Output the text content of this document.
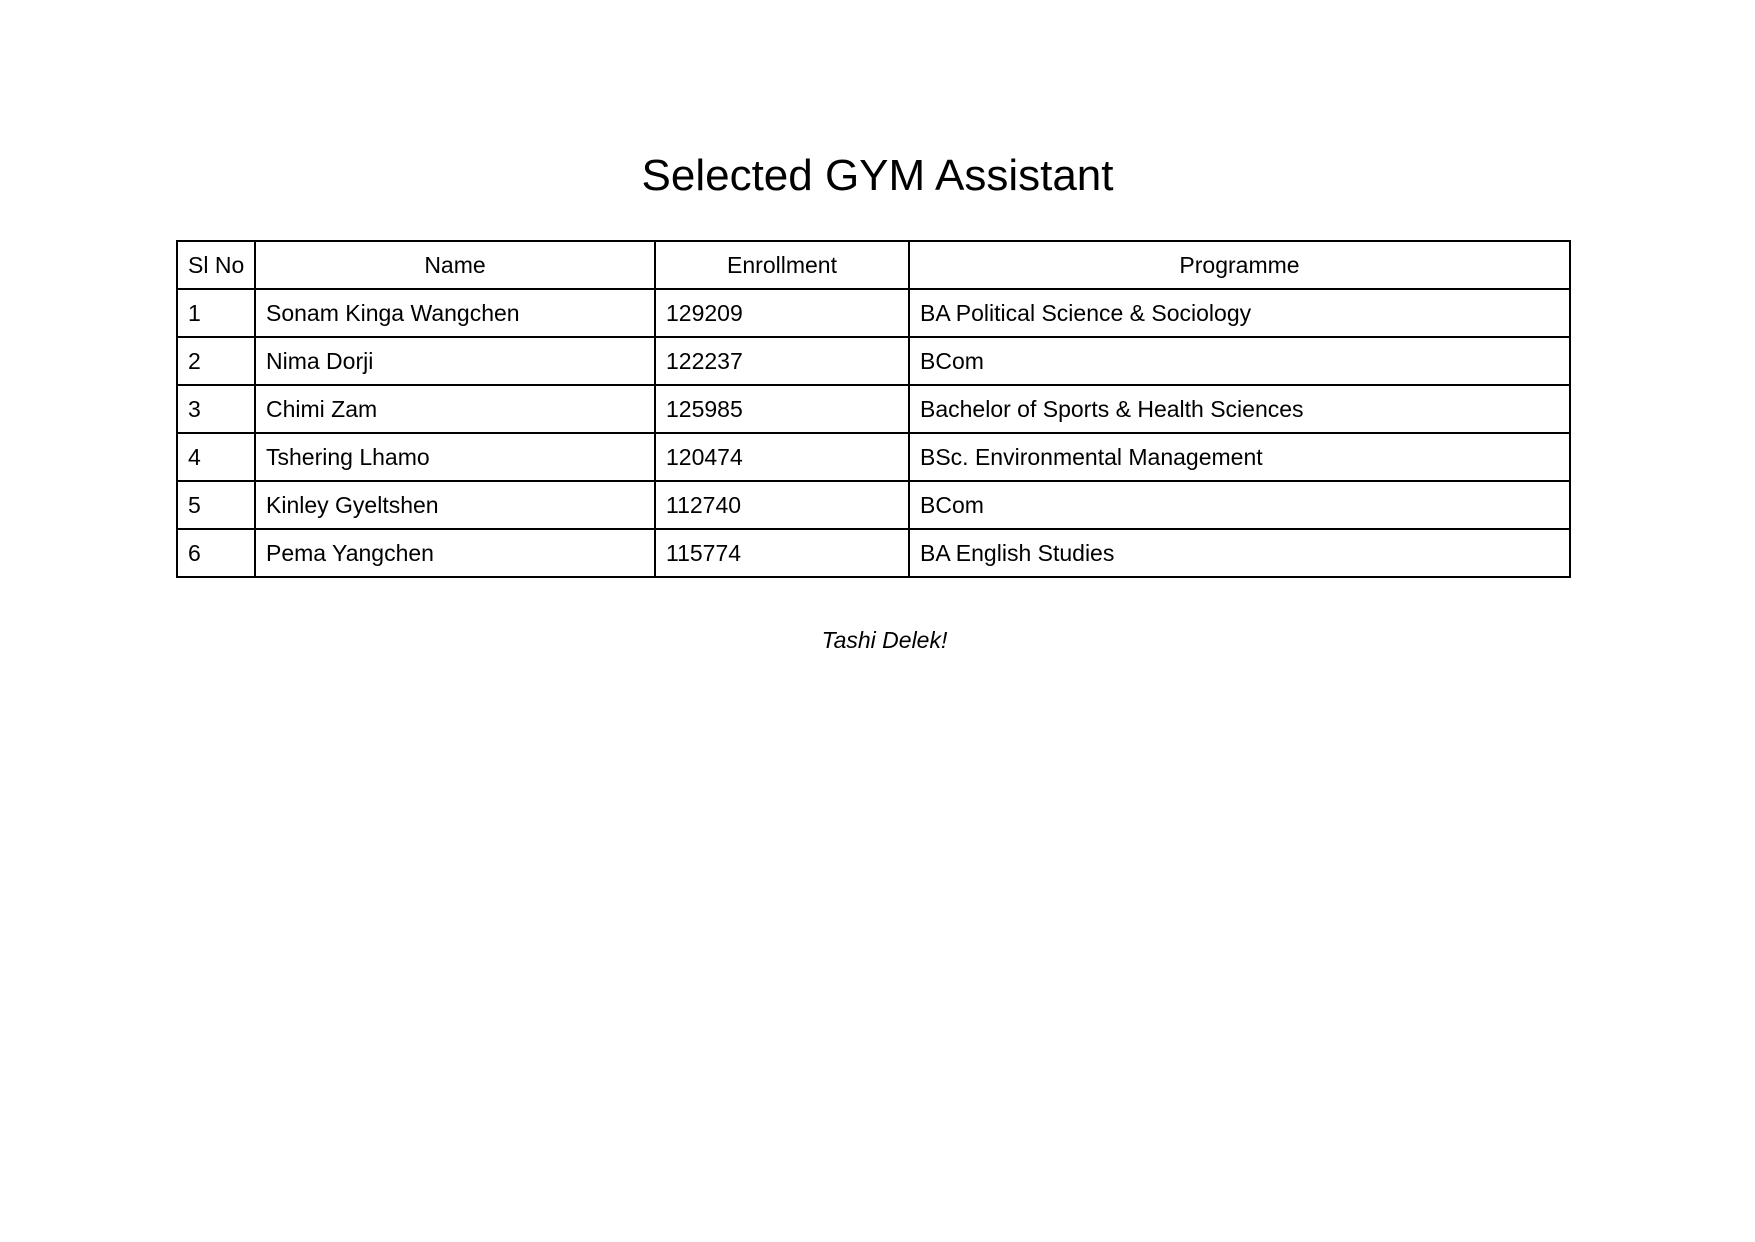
Selected GYM Assistant
Sl No	Name	Enrollment	Programme
1	Sonam Kinga Wangchen	129209	BA Political Science & Sociology
2	Nima Dorji	122237	BCom
3	Chimi Zam	125985	Bachelor of Sports & Health Sciences
4	Tshering Lhamo	120474	BSc. Environmental Management
5	Kinley Gyeltshen	112740	BCom
6	Pema Yangchen	115774	BA English Studies
Tashi Delek!
